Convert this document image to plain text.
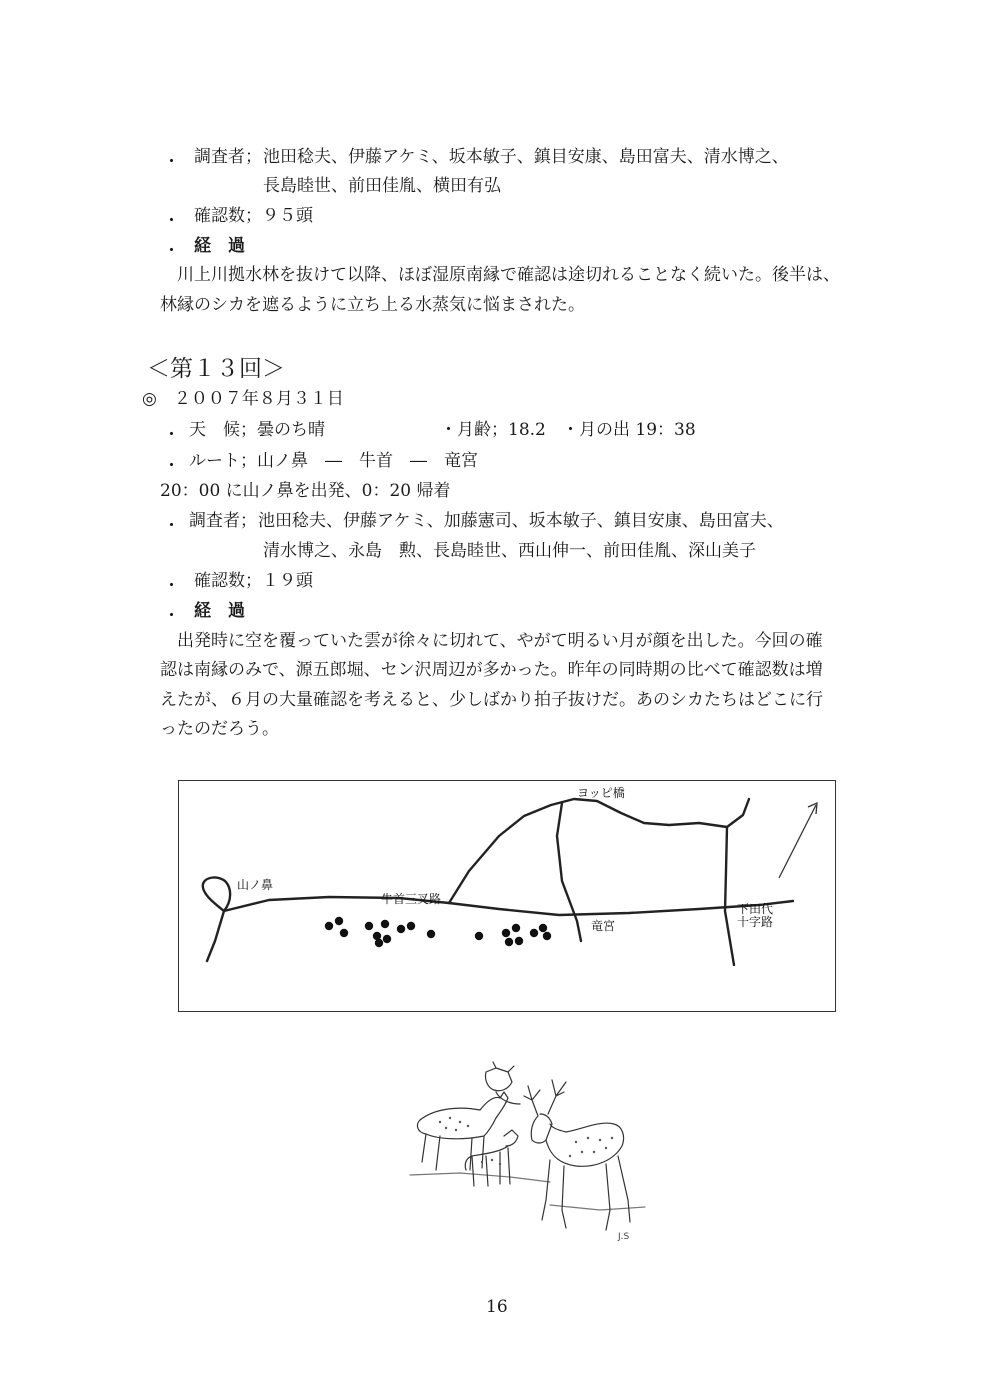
・ 調査者； 池田稔夫、伊藤アケミ、坂本敏子、鎮目安康、島田富夫、清水博之、
長島睦世、前田佳胤、横田有弘
・ 確認数；９５頭
・ 経　過
川上川拠水林を抜けて以降、ほぼ湿原南縁で確認は途切れることなく続いた。後半は、
林縁のシカを遮るように立ち上る水蒸気に悩まされた。
＜第１３回＞
◎　２００７年８月３１日
・ 天　候；曇のち晴	・月齢；18.2 ・月の出 19：38
・ ルート；山ノ鼻　―　牛首　―　竜宮
20：00 に山ノ鼻を出発、0：20 帰着
・ 調査者； 池田稔夫、伊藤アケミ、加藤憲司、坂本敏子、鎮目安康、島田富夫、
清水博之、永島　勲、長島睦世、西山伸一、前田佳胤、深山美子
・ 確認数；１９頭
・ 経　過
出発時に空を覆っていた雲が徐々に切れて、やがて明るい月が顔を出した。今回の確
認は南縁のみで、源五郎堀、セン沢周辺が多かった。昨年の同時期の比べて確認数は増
えたが、６月の大量確認を考えると、少しばかり拍子抜けだ。あのシカたちはどこに行
ったのだろう。
山ノ鼻
牛首三叉路
ヨッピ橋
竜宮
下田代
十字路
J.S
16
